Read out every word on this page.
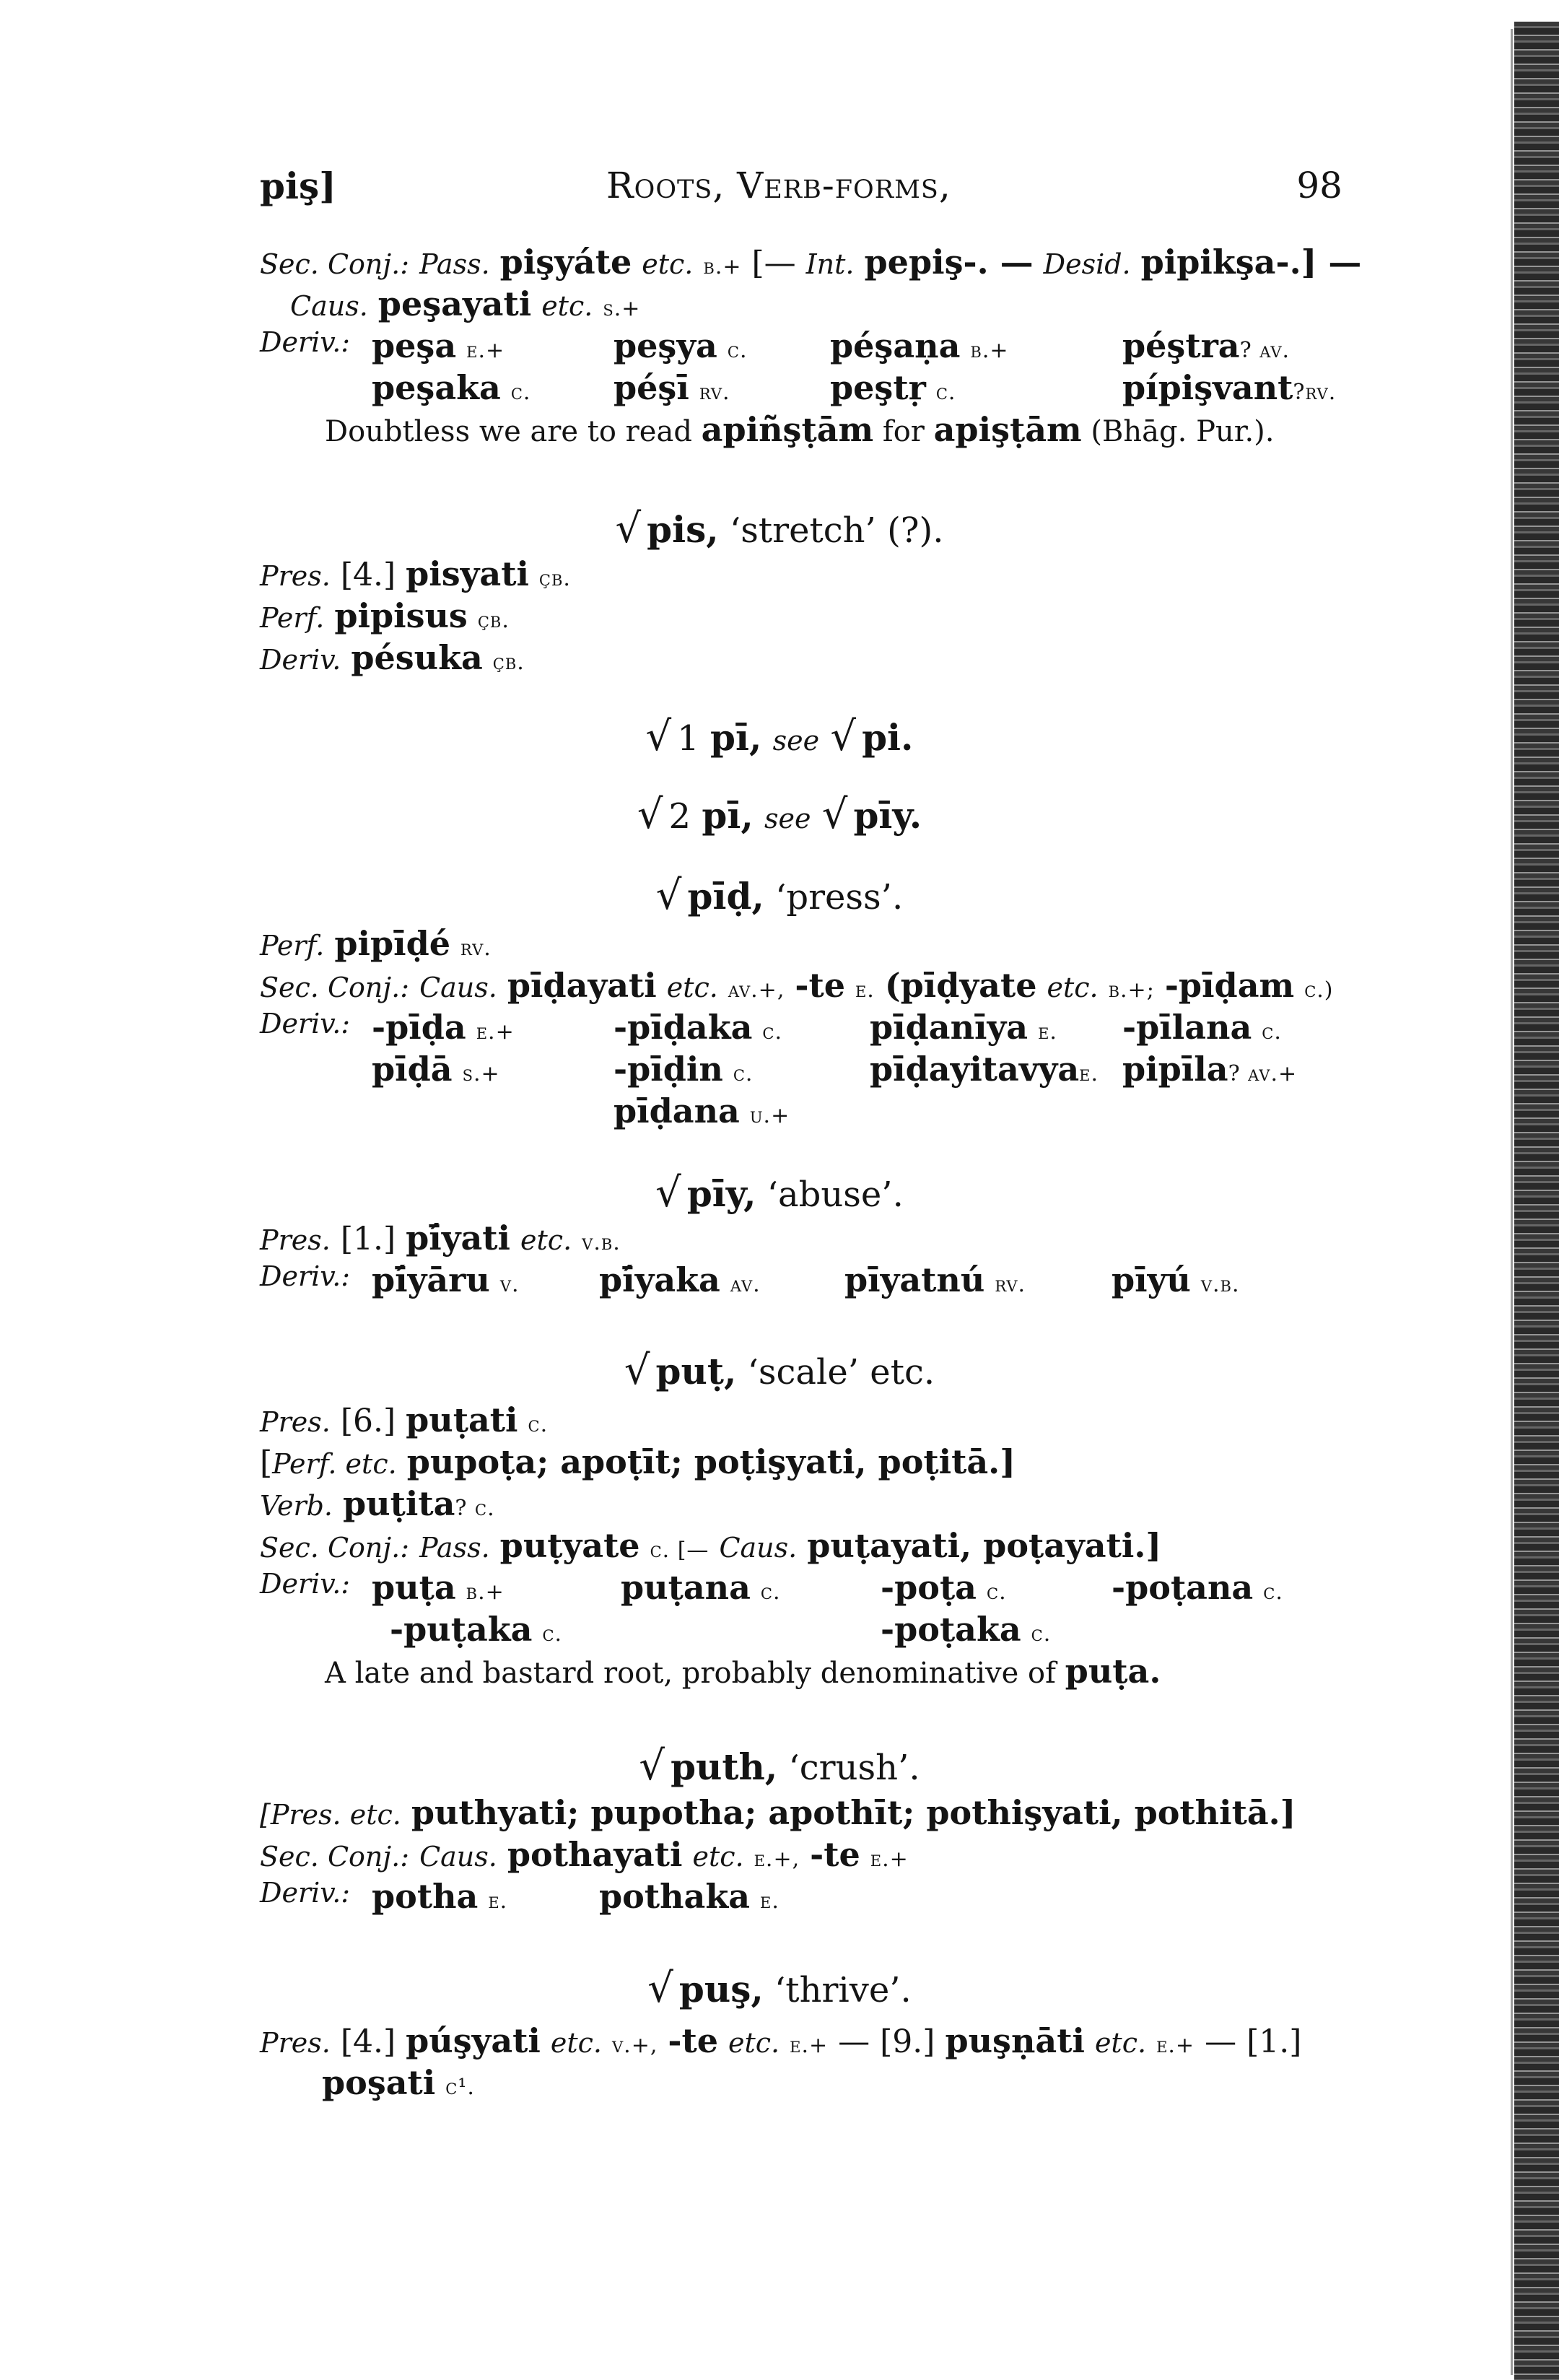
piş]	Roots, Verb-forms,	98
Sec. Conj.: Pass. pişyáte etc. b.+ [— Int. pepiş-. — Desid. pipikşa-.] —
Caus. peşayati etc. s.+
Deriv.: peşa e.+	peşya c. péşaṇa b.+	péştra? av.
peşaka c. péşī rv.	peştṛ c.	pípişvant?rv.
Doubtless we are to read apiñşṭām for apişṭām (Bhāg. Pur.).
√ pis, ‘stretch’ (?).
Pres. [4.] pisyati çb.
Perf. pipisus çb.
Deriv. pésuka çb.
√ 1 pī, see √ pi.
√ 2 pī, see √ pīy.
√ pīḍ, ‘press’.
Perf. pipīḍé rv.
Sec. Conj.: Caus. pīḍayati etc. av.+, -te e. (pīḍyate etc. b.+; -pīḍam c.)
Deriv.: -pīḍa e.+	-pīḍaka c.	pīḍanīya e. -pīlana c.
pīḍā s.+	-pīḍin c.	pīḍayitavyae. pipīla? av.+
pīḍana u.+
√ pīy, ‘abuse’.
Pres. [1.] pī́yati etc. v.b.
Deriv.: pī́yāru v. pī́yaka av.	pīyatnú rv.	pīyú v.b.
√ puṭ, ‘scale’ etc.
Pres. [6.] puṭati c.
[Perf. etc. pupoṭa; apoṭīt; poṭişyati, poṭitā.]
Verb. puṭita? c.
Sec. Conj.: Pass. puṭyate c. [— Caus. puṭayati, poṭayati.]
Deriv.: puṭa b.+	puṭana c.	-poṭa c.	-poṭana c.
-puṭaka c.	-poṭaka c.
A late and bastard root, probably denominative of puṭa.
√ puth, ‘crush’.
[Pres. etc. puthyati; pupotha; apothīt; pothişyati, pothitā.]
Sec. Conj.: Caus. pothayati etc. e.+, -te e.+
Deriv.: potha e.	pothaka e.
√ puş, ‘thrive’.
Pres. [4.] púşyati etc. v.+, -te etc. e.+ — [9.] puşṇāti etc. e.+ — [1.]
poşati c¹.
